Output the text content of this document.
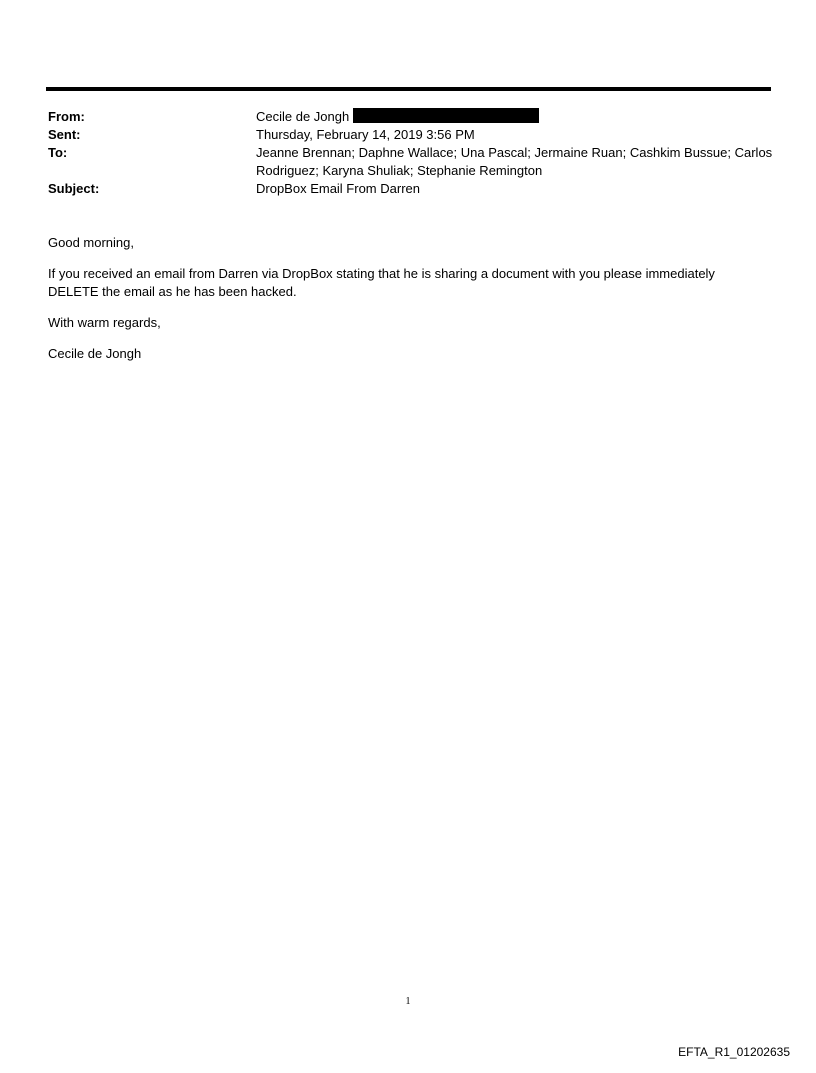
From:	Cecile de Jongh
Sent:	Thursday, February 14, 2019 3:56 PM
To:	Jeanne Brennan; Daphne Wallace; Una Pascal; Jermaine Ruan; Cashkim Bussue; Carlos Rodriguez; Karyna Shuliak; Stephanie Remington
Subject:	DropBox Email From Darren

Good morning,

If you received an email from Darren via DropBox stating that he is sharing a document with you please immediately DELETE the email as he has been hacked.

With warm regards,

Cecile de Jongh

1
EFTA_R1_01202635
